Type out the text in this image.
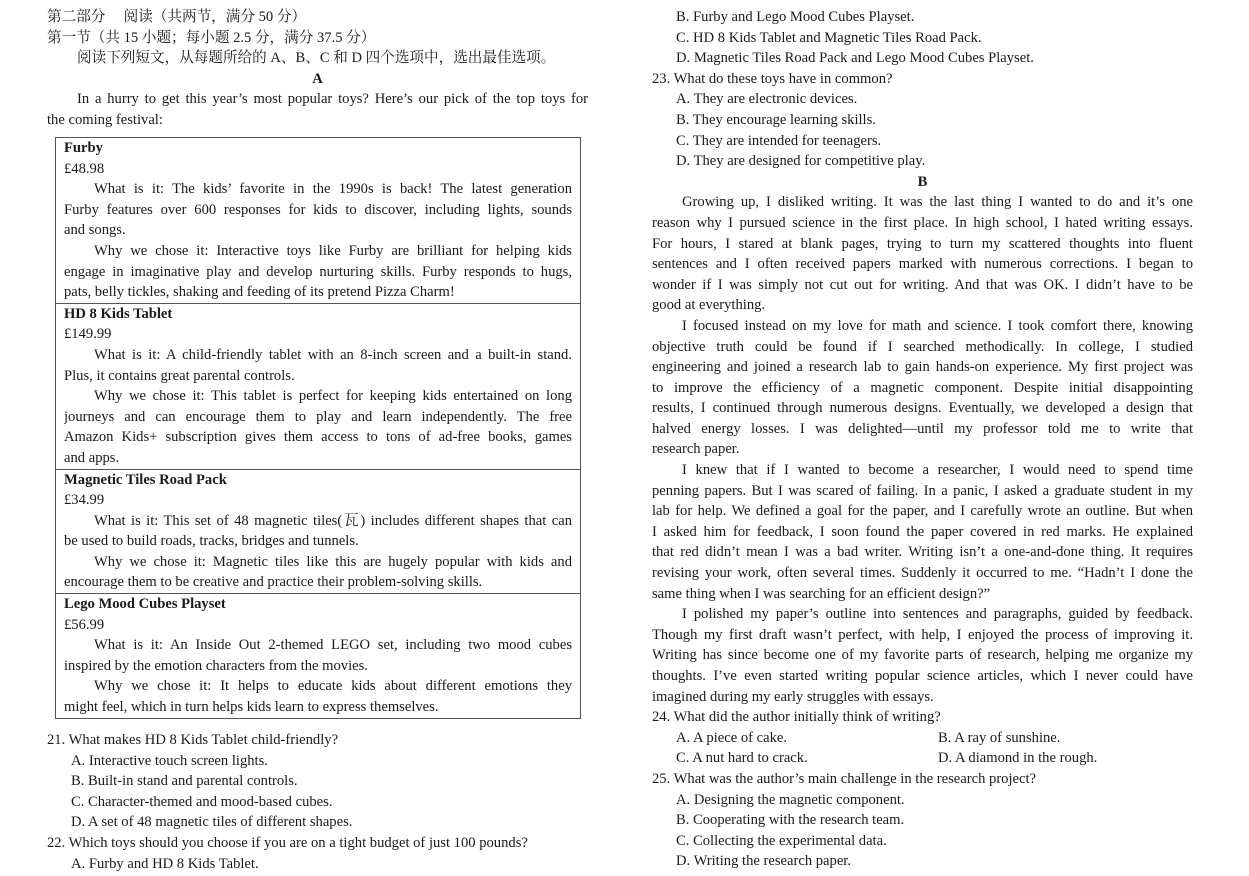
第二部分　 阅读（共两节，满分 50 分）
第一节（共 15 小题；每小题 2.5 分，满分 37.5 分）
阅读下列短文，从每题所给的 A、B、C 和 D 四个选项中，选出最佳选项。
A
In a hurry to get this year’s most popular toys? Here’s our pick of the top toys for
the coming festival:
Furby
£48.98
What is it: The kids’ favorite in the 1990s is back! The latest generation
Furby features over 600 responses for kids to discover, including lights, sounds
and songs.
Why we chose it: Interactive toys like Furby are brilliant for helping kids
engage in imaginative play and develop nurturing skills. Furby responds to hugs,
pats, belly tickles, shaking and feeding of its pretend Pizza Charm!
HD 8 Kids Tablet
£149.99
What is it: A child-friendly tablet with an 8-inch screen and a built-in stand.
Plus, it contains great parental controls.
Why we chose it: This tablet is perfect for keeping kids entertained on long
journeys and can encourage them to play and learn independently. The free
Amazon Kids+ subscription gives them access to tons of ad-free books, games
and apps.
Magnetic Tiles Road Pack
£34.99
What is it: This set of 48 magnetic tiles(瓦) includes different shapes that can
be used to build roads, tracks, bridges and tunnels.
Why we chose it: Magnetic tiles like this are hugely popular with kids and
encourage them to be creative and practice their problem-solving skills.
Lego Mood Cubes Playset
£56.99
What is it: An Inside Out 2-themed LEGO set, including two mood cubes
inspired by the emotion characters from the movies.
Why we chose it: It helps to educate kids about different emotions they
might feel, which in turn helps kids learn to express themselves.
21. What makes HD 8 Kids Tablet child-friendly?
A. Interactive touch screen lights.
B. Built-in stand and parental controls.
C. Character-themed and mood-based cubes.
D. A set of 48 magnetic tiles of different shapes.
22. Which toys should you choose if you are on a tight budget of just 100 pounds?
A. Furby and HD 8 Kids Tablet.
B. Furby and Lego Mood Cubes Playset.
C. HD 8 Kids Tablet and Magnetic Tiles Road Pack.
D. Magnetic Tiles Road Pack and Lego Mood Cubes Playset.
23. What do these toys have in common?
A. They are electronic devices.
B. They encourage learning skills.
C. They are intended for teenagers.
D. They are designed for competitive play.
B
Growing up, I disliked writing. It was the last thing I wanted to do and it’s one
reason why I pursued science in the first place. In high school, I hated writing essays.
For hours, I stared at blank pages, trying to turn my scattered thoughts into fluent
sentences and I often received papers marked with numerous corrections. I began to
wonder if I was simply not cut out for writing. And that was OK. I didn’t have to be
good at everything.
I focused instead on my love for math and science. I took comfort there, knowing
objective truth could be found if I searched methodically. In college, I studied
engineering and joined a research lab to gain hands-on experience. My first project was
to improve the efficiency of a magnetic component. Despite initial disappointing
results, I continued through numerous designs. Eventually, we developed a design that
halved energy losses. I was delighted—until my professor told me to write that
research paper.
I knew that if I wanted to become a researcher, I would need to spend time
penning papers. But I was scared of failing. In a panic, I asked a graduate student in my
lab for help. We defined a goal for the paper, and I carefully wrote an outline. But when
I asked him for feedback, I soon found the paper covered in red marks. He explained
that red didn’t mean I was a bad writer. Writing isn’t a one-and-done thing. It requires
revising your work, often several times. Suddenly it occurred to me. “Hadn’t I done the
same thing when I was searching for an efficient design?”
I polished my paper’s outline into sentences and paragraphs, guided by feedback.
Though my first draft wasn’t perfect, with help, I enjoyed the process of improving it.
Writing has since become one of my favorite parts of research, helping me organize my
thoughts. I’ve even started writing popular science articles, which I never could have
imagined during my early struggles with essays.
24. What did the author initially think of writing?
A. A piece of cake.	B. A ray of sunshine.
C. A nut hard to crack.	D. A diamond in the rough.
25. What was the author’s main challenge in the research project?
A. Designing the magnetic component.
B. Cooperating with the research team.
C. Collecting the experimental data.
D. Writing the research paper.
